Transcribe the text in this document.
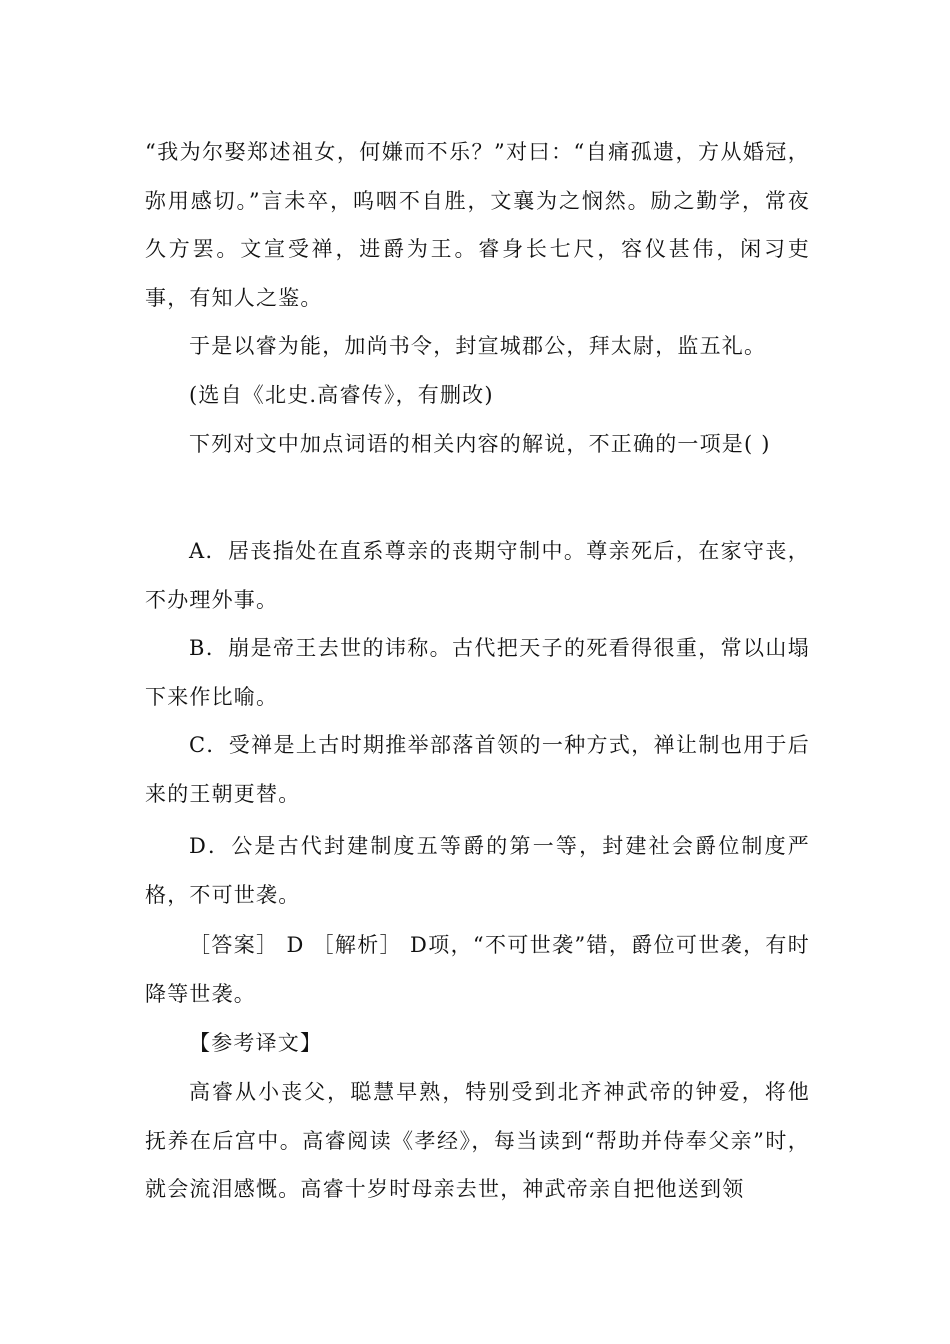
“我为尔娶郑述祖女，何嫌而不乐？”对曰：“自痛孤遗，方从婚冠，弥用感切。”言未卒，呜咽不自胜，文襄为之悯然。励之勤学，常夜久方罢。文宣受禅，进爵为王。睿身长七尺，容仪甚伟，闲习吏事，有知人之鉴。

于是以睿为能，加尚书令，封宣城郡公，拜太尉，监五礼。

(选自《北史.高睿传》，有删改)

下列对文中加点词语的相关内容的解说，不正确的一项是( )

A．居丧指处在直系尊亲的丧期守制中。尊亲死后，在家守丧，不办理外事。

B．崩是帝王去世的讳称。古代把天子的死看得很重，常以山塌下来作比喻。

C．受禅是上古时期推举部落首领的一种方式，禅让制也用于后来的王朝更替。

D．公是古代封建制度五等爵的第一等，封建社会爵位制度严格，不可世袭。

［答案］ D ［解析］ D项，“不可世袭”错，爵位可世袭，有时降等世袭。

【参考译文】

高睿从小丧父，聪慧早熟，特别受到北齐神武帝的钟爱，将他抚养在后宫中。高睿阅读《孝经》，每当读到“帮助并侍奉父亲”时，就会流泪感慨。高睿十岁时母亲去世，神武帝亲自把他送到领
